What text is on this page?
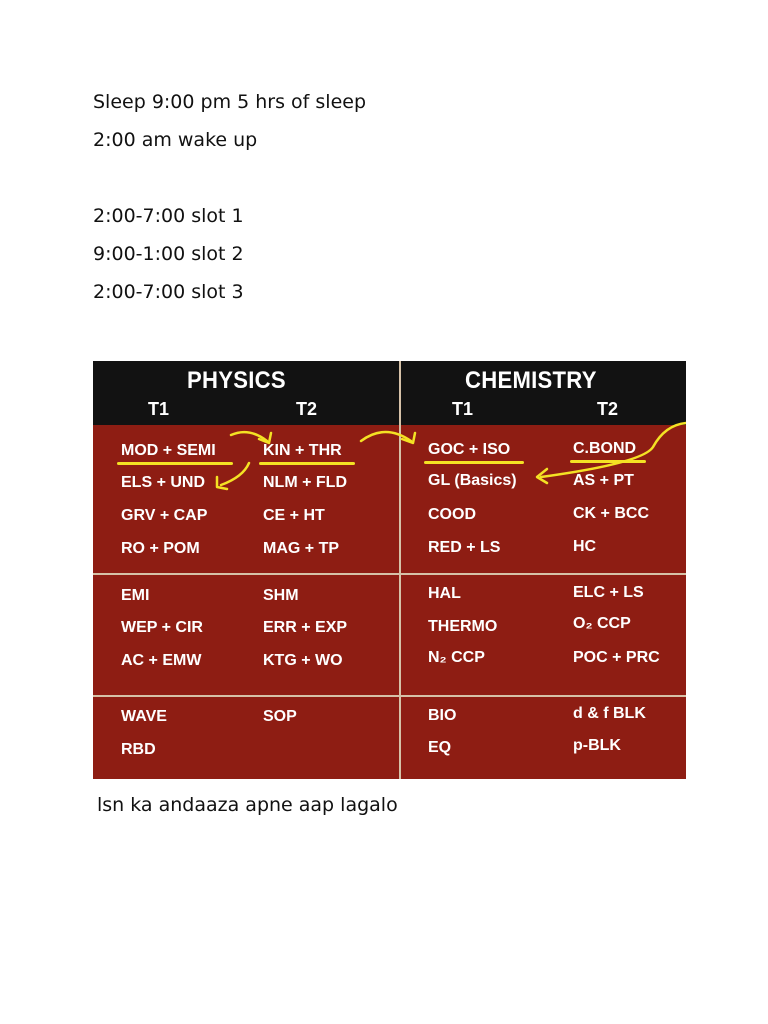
Sleep 9:00 pm 5 hrs of sleep
2:00 am wake up
2:00-7:00 slot 1
9:00-1:00 slot 2
2:00-7:00 slot 3
PHYSICS
T1	T2
CHEMISTRY
T1	T2
MOD + SEMI
ELS + UND
GRV + CAP
RO + POM
EMI
WEP + CIR
AC + EMW
WAVE
RBD
KIN + THR
NLM + FLD
CE + HT
MAG + TP
SHM
ERR + EXP
KTG + WO
SOP
GOC + ISO
GL (Basics)
COOD
RED + LS
HAL
THERMO
N₂ CCP
BIO
EQ
C.BOND
AS + PT
CK + BCC
HC
ELC + LS
O₂ CCP
POC + PRC
d & f BLK
p-BLK
lsn ka andaaza apne aap lagalo
